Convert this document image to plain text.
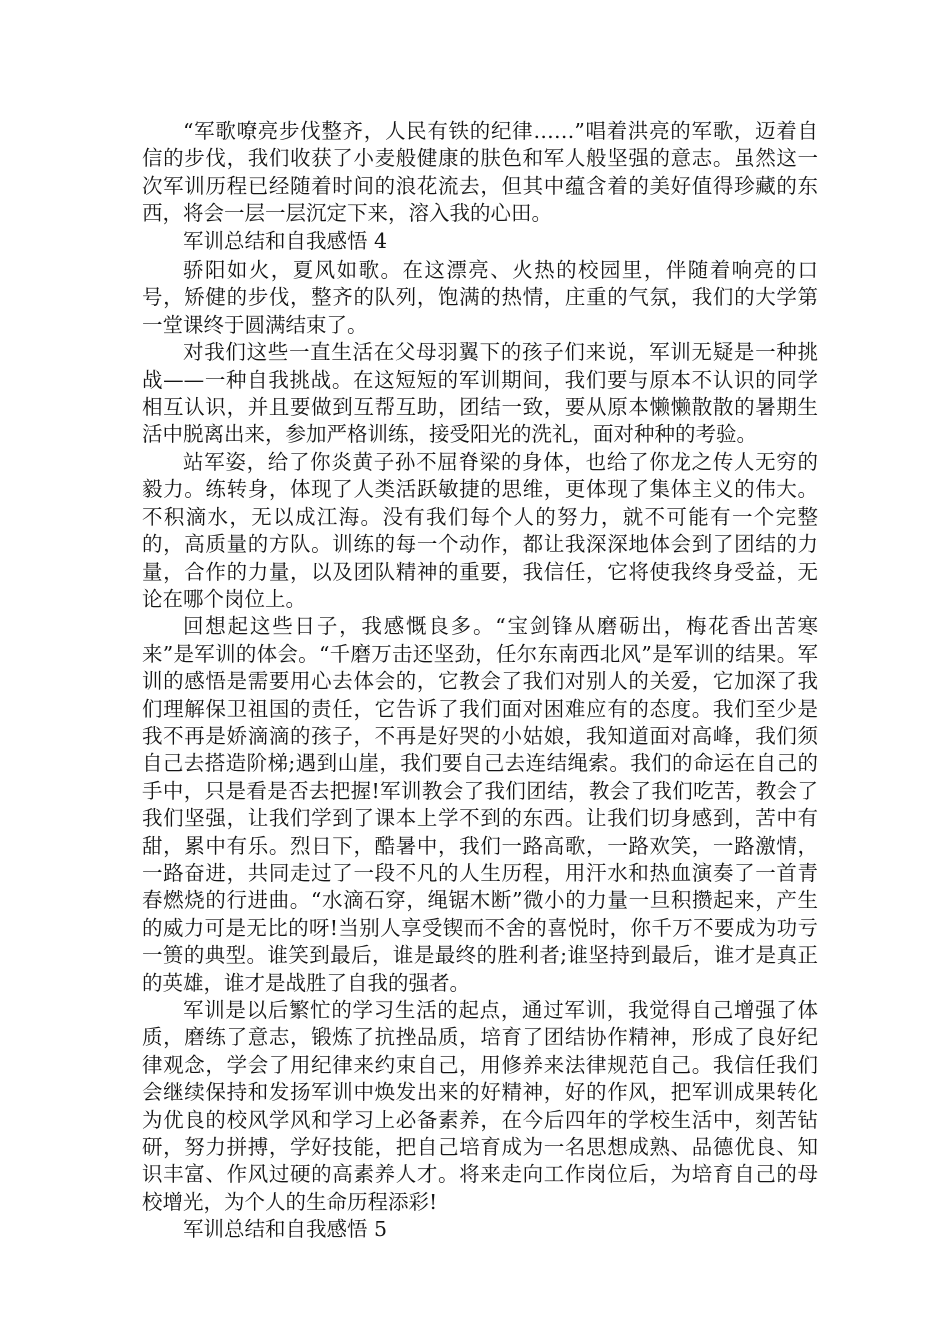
“军歌嘹亮步伐整齐，人民有铁的纪律……”唱着洪亮的军歌，迈着自信的步伐，我们收获了小麦般健康的肤色和军人般坚强的意志。虽然这一次军训历程已经随着时间的浪花流去，但其中蕴含着的美好值得珍藏的东西，将会一层一层沉定下来，溶入我的心田。

军训总结和自我感悟 4

骄阳如火，夏风如歌。在这漂亮、火热的校园里，伴随着响亮的口号，矫健的步伐，整齐的队列，饱满的热情，庄重的气氛，我们的大学第一堂课终于圆满结束了。

对我们这些一直生活在父母羽翼下的孩子们来说，军训无疑是一种挑战——一种自我挑战。在这短短的军训期间，我们要与原本不认识的同学相互认识，并且要做到互帮互助，团结一致，要从原本懒懒散散的暑期生活中脱离出来，参加严格训练，接受阳光的洗礼，面对种种的考验。

站军姿，给了你炎黄子孙不屈脊梁的身体，也给了你龙之传人无穷的毅力。练转身，体现了人类活跃敏捷的思维，更体现了集体主义的伟大。不积滴水，无以成江海。没有我们每个人的努力，就不可能有一个完整的，高质量的方队。训练的每一个动作，都让我深深地体会到了团结的力量，合作的力量，以及团队精神的重要，我信任，它将使我终身受益，无论在哪个岗位上。

回想起这些日子，我感慨良多。“宝剑锋从磨砺出，梅花香出苦寒来”是军训的体会。“千磨万击还坚劲，任尔东南西北风”是军训的结果。军训的感悟是需要用心去体会的，它教会了我们对别人的关爱，它加深了我们理解保卫祖国的责任，它告诉了我们面对困难应有的态度。我们至少是我不再是娇滴滴的孩子，不再是好哭的小姑娘，我知道面对高峰，我们须自己去搭造阶梯;遇到山崖，我们要自己去连结绳索。我们的命运在自己的手中，只是看是否去把握!军训教会了我们团结，教会了我们吃苦，教会了我们坚强，让我们学到了课本上学不到的东西。让我们切身感到，苦中有甜，累中有乐。烈日下，酷暑中，我们一路高歌，一路欢笑，一路激情，一路奋进，共同走过了一段不凡的人生历程，用汗水和热血演奏了一首青春燃烧的行进曲。“水滴石穿，绳锯木断”微小的力量一旦积攒起来，产生的威力可是无比的呀!当别人享受锲而不舍的喜悦时，你千万不要成为功亏一篑的典型。谁笑到最后，谁是最终的胜利者;谁坚持到最后，谁才是真正的英雄，谁才是战胜了自我的强者。

军训是以后繁忙的学习生活的起点，通过军训，我觉得自己增强了体质，磨练了意志，锻炼了抗挫品质，培育了团结协作精神，形成了良好纪律观念，学会了用纪律来约束自己，用修养来法律规范自己。我信任我们会继续保持和发扬军训中焕发出来的好精神，好的作风，把军训成果转化为优良的校风学风和学习上必备素养，在今后四年的学校生活中，刻苦钻研，努力拼搏，学好技能，把自己培育成为一名思想成熟、品德优良、知识丰富、作风过硬的高素养人才。将来走向工作岗位后，为培育自己的母校增光，为个人的生命历程添彩!

军训总结和自我感悟 5
